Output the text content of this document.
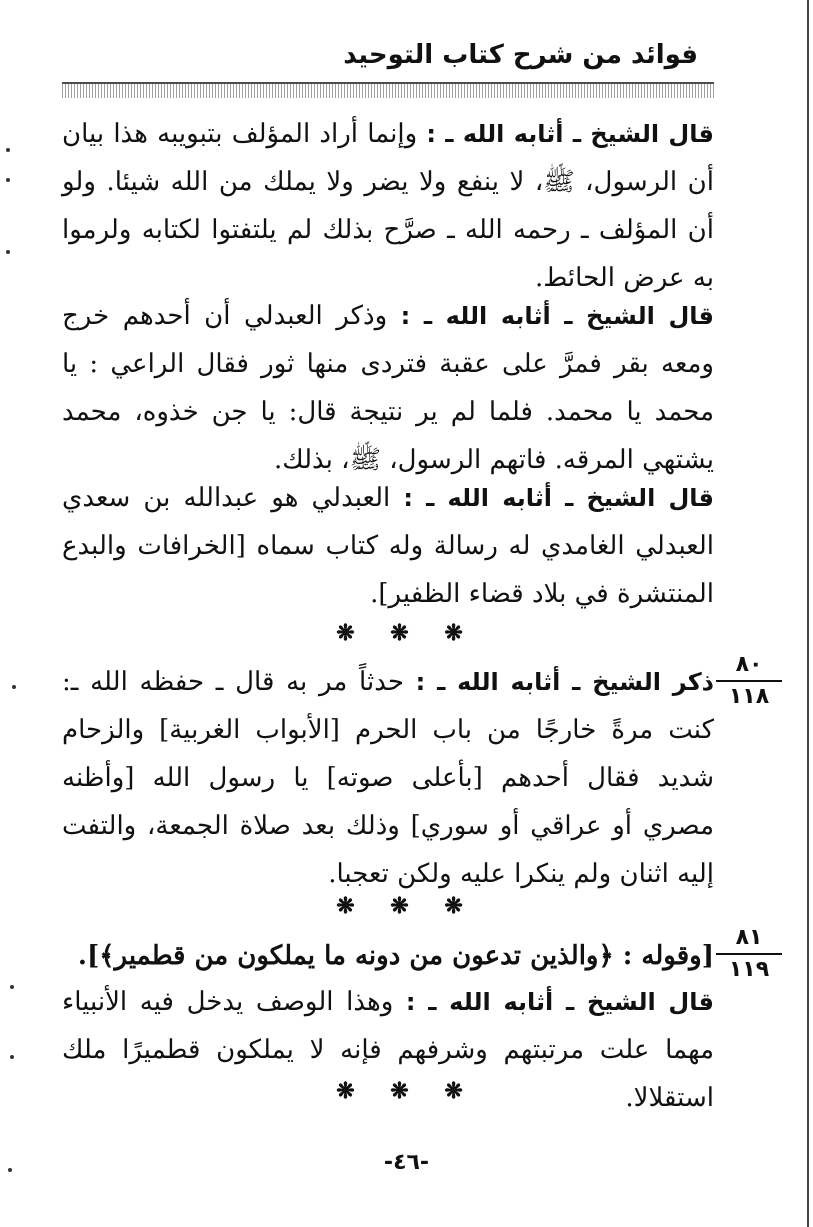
فوائد من شرح كتاب التوحيد
قال الشيخ ـ أثابه الله ـ : وإنما أراد المؤلف بتبويبه هذا بيان أن الرسول، ﷺ، لا ينفع ولا يضر ولا يملك من الله شيئا. ولو أن المؤلف ـ رحمه الله ـ صرَّح بذلك لم يلتفتوا لكتابه ولرموا به عرض الحائط.
قال الشيخ ـ أثابه الله ـ : وذكر العبدلي أن أحدهم خرج ومعه بقر فمرَّ على عقبة فتردى منها ثور فقال الراعي : يا محمد يا محمد. فلما لم ير نتيجة قال: يا جن خذوه، محمد يشتهي المرقه. فاتهم الرسول، ﷺ، بذلك.
قال الشيخ ـ أثابه الله ـ : العبدلي هو عبدالله بن سعدي العبدلي الغامدي له رسالة وله كتاب سماه [الخرافات والبدع المنتشرة في بلاد قضاء الظفير].
❋ ❋ ❋
٨٠
١١٨
ذكر الشيخ ـ أثابه الله ـ : حدثاً مر به قال ـ حفظه الله ـ: كنت مرةً خارجًا من باب الحرم [الأبواب الغربية] والزحام شديد فقال أحدهم [بأعلى صوته] يا رسول الله [وأظنه مصري أو عراقي أو سوري] وذلك بعد صلاة الجمعة، والتفت إليه اثنان ولم ينكرا عليه ولكن تعجبا.
❋ ❋ ❋
٨١
١١٩
[وقوله : ﴿والذين تدعون من دونه ما يملكون من قطمير﴾].
قال الشيخ ـ أثابه الله ـ : وهذا الوصف يدخل فيه الأنبياء مهما علت مرتبتهم وشرفهم فإنه لا يملكون قطميرًا ملك استقلالا.
❋ ❋ ❋
-٤٦-
